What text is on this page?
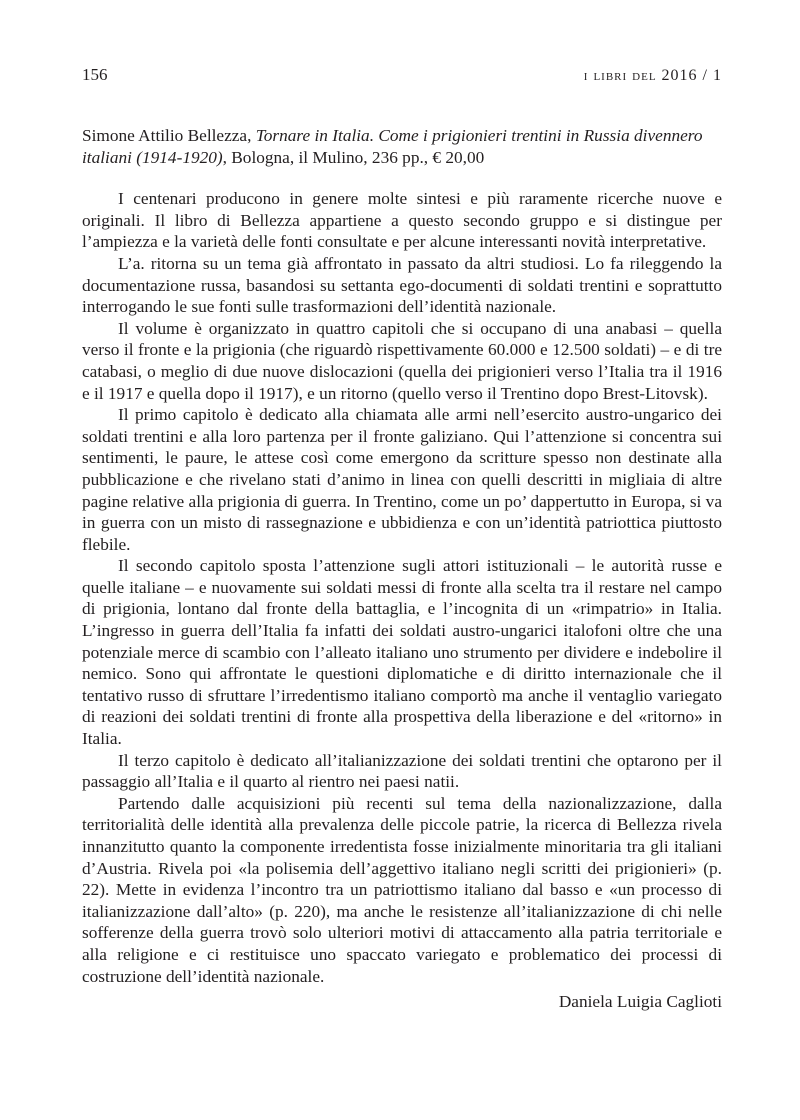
156	i libri del 2016 / 1
Simone Attilio Bellezza, Tornare in Italia. Come i prigionieri trentini in Russia divennero italiani (1914-1920), Bologna, il Mulino, 236 pp., € 20,00

I centenari producono in genere molte sintesi e più raramente ricerche nuove e originali. Il libro di Bellezza appartiene a questo secondo gruppo e si distingue per l’ampiezza e la varietà delle fonti consultate e per alcune interessanti novità interpretative.

L’a. ritorna su un tema già affrontato in passato da altri studiosi. Lo fa rileggendo la documentazione russa, basandosi su settanta ego-documenti di soldati trentini e soprattutto interrogando le sue fonti sulle trasformazioni dell’identità nazionale.

Il volume è organizzato in quattro capitoli che si occupano di una anabasi – quella verso il fronte e la prigionia (che riguardò rispettivamente 60.000 e 12.500 soldati) – e di tre catabasi, o meglio di due nuove dislocazioni (quella dei prigionieri verso l’Italia tra il 1916 e il 1917 e quella dopo il 1917), e un ritorno (quello verso il Trentino dopo Brest-Litovsk).

Il primo capitolo è dedicato alla chiamata alle armi nell’esercito austro-ungarico dei soldati trentini e alla loro partenza per il fronte galiziano. Qui l’attenzione si concentra sui sentimenti, le paure, le attese così come emergono da scritture spesso non destinate alla pubblicazione e che rivelano stati d’animo in linea con quelli descritti in migliaia di altre pagine relative alla prigionia di guerra. In Trentino, come un po’ dappertutto in Europa, si va in guerra con un misto di rassegnazione e ubbidienza e con un’identità patriottica piuttosto flebile.

Il secondo capitolo sposta l’attenzione sugli attori istituzionali – le autorità russe e quelle italiane – e nuovamente sui soldati messi di fronte alla scelta tra il restare nel campo di prigionia, lontano dal fronte della battaglia, e l’incognita di un «rimpatrio» in Italia. L’ingresso in guerra dell’Italia fa infatti dei soldati austro-ungarici italofoni oltre che una potenziale merce di scambio con l’alleato italiano uno strumento per dividere e indebolire il nemico. Sono qui affrontate le questioni diplomatiche e di diritto internazionale che il tentativo russo di sfruttare l’irredentismo italiano comportò ma anche il ventaglio variegato di reazioni dei soldati trentini di fronte alla prospettiva della liberazione e del «ritorno» in Italia.

Il terzo capitolo è dedicato all’italianizzazione dei soldati trentini che optarono per il passaggio all’Italia e il quarto al rientro nei paesi natii.

Partendo dalle acquisizioni più recenti sul tema della nazionalizzazione, dalla territorialità delle identità alla prevalenza delle piccole patrie, la ricerca di Bellezza rivela innanzitutto quanto la componente irredentista fosse inizialmente minoritaria tra gli italiani d’Austria. Rivela poi «la polisemia dell’aggettivo italiano negli scritti dei prigionieri» (p. 22). Mette in evidenza l’incontro tra un patriottismo italiano dal basso e «un processo di italianizzazione dall’alto» (p. 220), ma anche le resistenze all’italianizzazione di chi nelle sofferenze della guerra trovò solo ulteriori motivi di attaccamento alla patria territoriale e alla religione e ci restituisce uno spaccato variegato e problematico dei processi di costruzione dell’identità nazionale.

Daniela Luigia Caglioti
